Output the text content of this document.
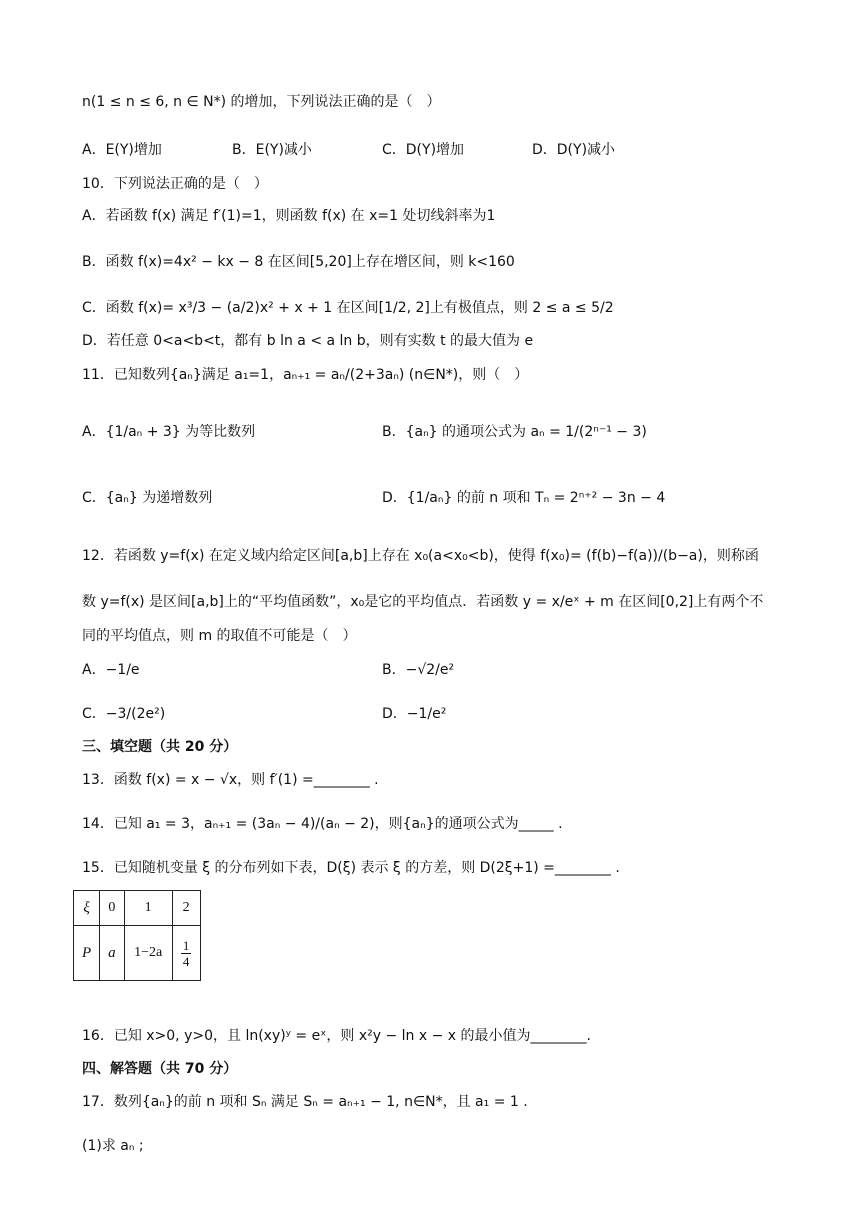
n(1 ≤ n ≤ 6, n ∈ N*) 的增加，下列说法正确的是（　）
A．E(Y)增加	B．E(Y)减小	C．D(Y)增加	D．D(Y)减小
10．下列说法正确的是（　）
A．若函数 f(x) 满足 f′(1)=1，则函数 f(x) 在 x=1 处切线斜率为1
B．函数 f(x)=4x² − kx − 8 在区间[5,20]上存在增区间，则 k<160
C．函数 f(x)= x³/3 − (a/2)x² + x + 1 在区间[1/2, 2]上有极值点，则 2 ≤ a ≤ 5/2
D．若任意 0<a<b<t，都有 b ln a < a ln b，则有实数 t 的最大值为 e
11．已知数列{aₙ}满足 a₁=1，aₙ₊₁ = aₙ/(2+3aₙ) (n∈N*)，则（　）
A．{1/aₙ + 3} 为等比数列	B．{aₙ} 的通项公式为 aₙ = 1/(2ⁿ⁻¹ − 3)
C．{aₙ} 为递增数列	D．{1/aₙ} 的前 n 项和 Tₙ = 2ⁿ⁺² − 3n − 4
12．若函数 y=f(x) 在定义域内给定区间[a,b]上存在 x₀(a<x₀<b)，使得 f(x₀)= (f(b)−f(a))/(b−a)，则称函
数 y=f(x) 是区间[a,b]上的“平均值函数”，x₀是它的平均值点．若函数 y = x/eˣ + m 在区间[0,2]上有两个不
同的平均值点，则 m 的取值不可能是（　）
A．−1/e	B．−√2/e²
C．−3/(2e²)	D．−1/e²
三、填空题（共 20 分）
13．函数 f(x) = x − √x，则 f′(1) =________ .
14．已知 a₁ = 3，aₙ₊₁ = (3aₙ − 4)/(aₙ − 2)，则{aₙ}的通项公式为_____ .
15．已知随机变量 ξ 的分布列如下表，D(ξ) 表示 ξ 的方差，则 D(2ξ+1) =________ .
ξ	0	1	2
P	a	1−2a	$\frac{1}{4}$
16．已知 x>0, y>0，且 ln(xy)ʸ = eˣ，则 x²y − ln x − x 的最小值为________.
四、解答题（共 70 分）
17．数列{aₙ}的前 n 项和 Sₙ 满足 Sₙ = aₙ₊₁ − 1, n∈N*，且 a₁ = 1 .
(1)求 aₙ ;
